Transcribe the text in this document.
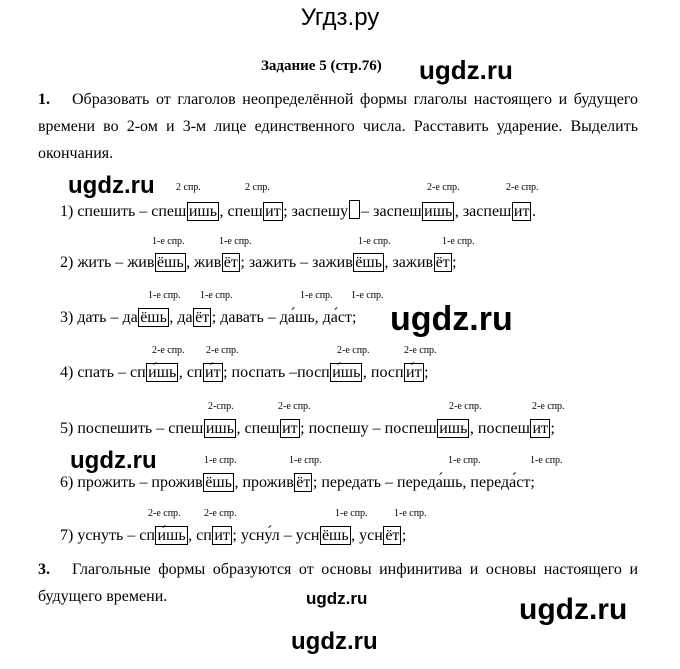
Угдз.ру
Задание 5 (стр.76) ugdz.ru
ugdz.ru
ugdz.ru
ugdz.ru
ugdz.ru	ugdz.ru
ugdz.ru
1. Образовать от глаголов неопределённой формы глаголы настоящего и будущего времени во 2-ом и 3-м лице единственного числа. Расставить ударение. Выделить окончания.
2 спр.	2 спр.	2-е спр.	2-е спр.
1) спешить – спеш ишь , спеш ит ; заспешу – заспеш ишь , заспеш ит .
1-е спр.	1-е спр.	1-е спр.	1-е спр.
2) жить – жив ёшь , жив ёт ; зажить – зажив ёшь , зажив ёт ;
1-е спр. 1-е спр.	1-е спр. 1-е спр.
3) дать – да ёшь , да ёт ; давать – да́шь, да́ст;
2-е спр. 2-е спр.	2-е спр.	2-е спр.
4) спать – сп и́шь , сп и́т ; поспать –посп и́шь , посп и́т ;
2-спр.	2-е спр.	2-е спр.	2-е спр.
5) поспешить – спеш ишь , спеш ит ; поспешу – поспеш ишь , поспеш ит ;
1-е спр.	1-е спр.	1-е спр.	1-е спр.
6) прожить – прожив ёшь , прожив ёт ; передать – переда́шь, переда́ст;
2-е спр. 2-е спр.	1-е спр.	1-е спр.
7) уснуть – сп и́шь , сп ит ; усну́л – усн ёшь , усн ёт ;
3. Глагольные формы образуются от основы инфинитива и основы настоящего и будущего времени.
